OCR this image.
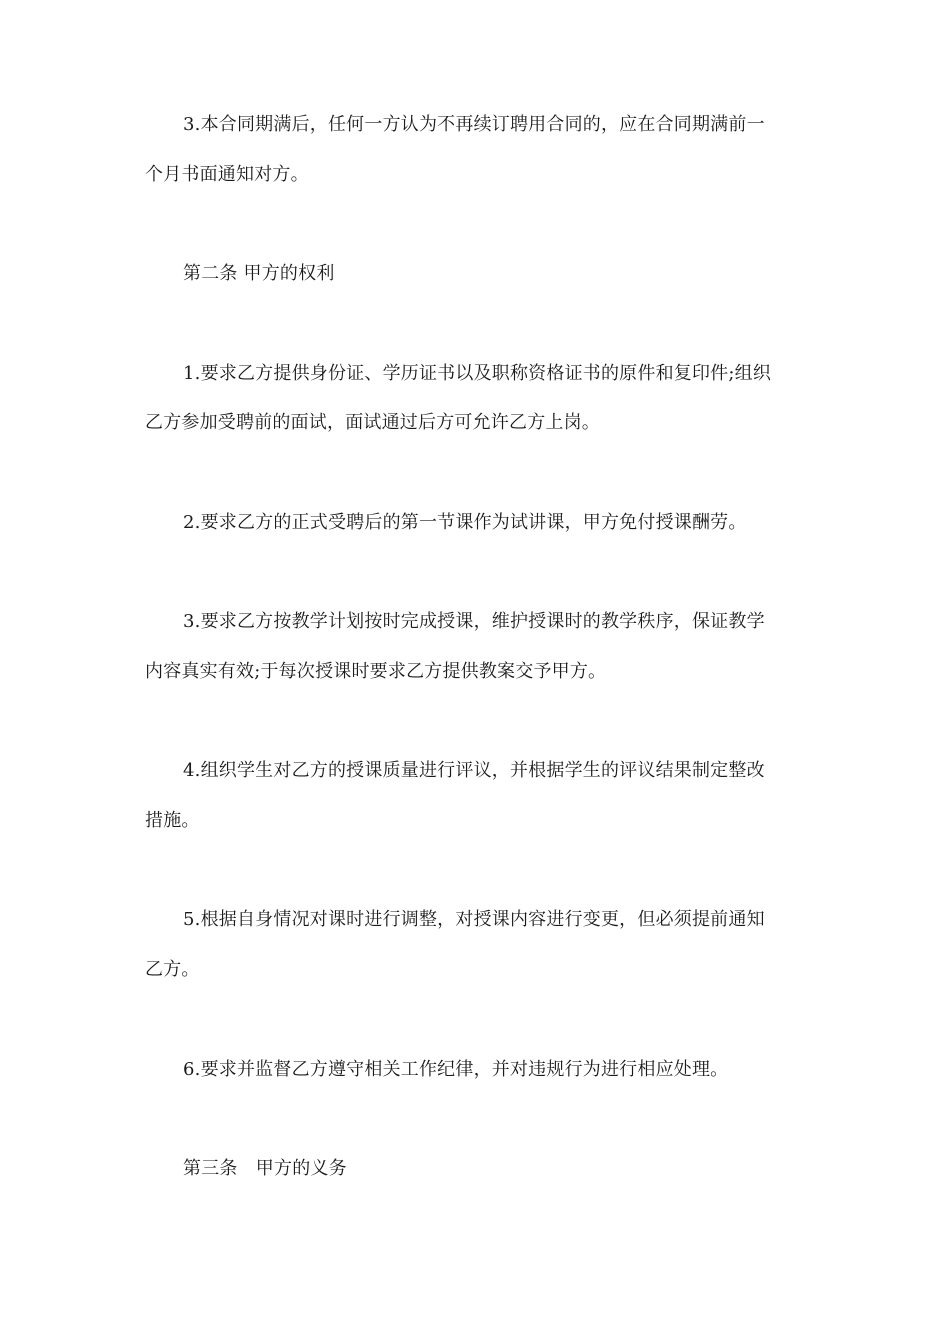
3.本合同期满后，任何一方认为不再续订聘用合同的，应在合同期满前一
个月书面通知对方。
第二条 甲方的权利
1.要求乙方提供身份证、学历证书以及职称资格证书的原件和复印件;组织
乙方参加受聘前的面试，面试通过后方可允许乙方上岗。
2.要求乙方的正式受聘后的第一节课作为试讲课，甲方免付授课酬劳。
3.要求乙方按教学计划按时完成授课，维护授课时的教学秩序，保证教学
内容真实有效;于每次授课时要求乙方提供教案交予甲方。
4.组织学生对乙方的授课质量进行评议，并根据学生的评议结果制定整改
措施。
5.根据自身情况对课时进行调整，对授课内容进行变更，但必须提前通知
乙方。
6.要求并监督乙方遵守相关工作纪律，并对违规行为进行相应处理。
第三条　甲方的义务
